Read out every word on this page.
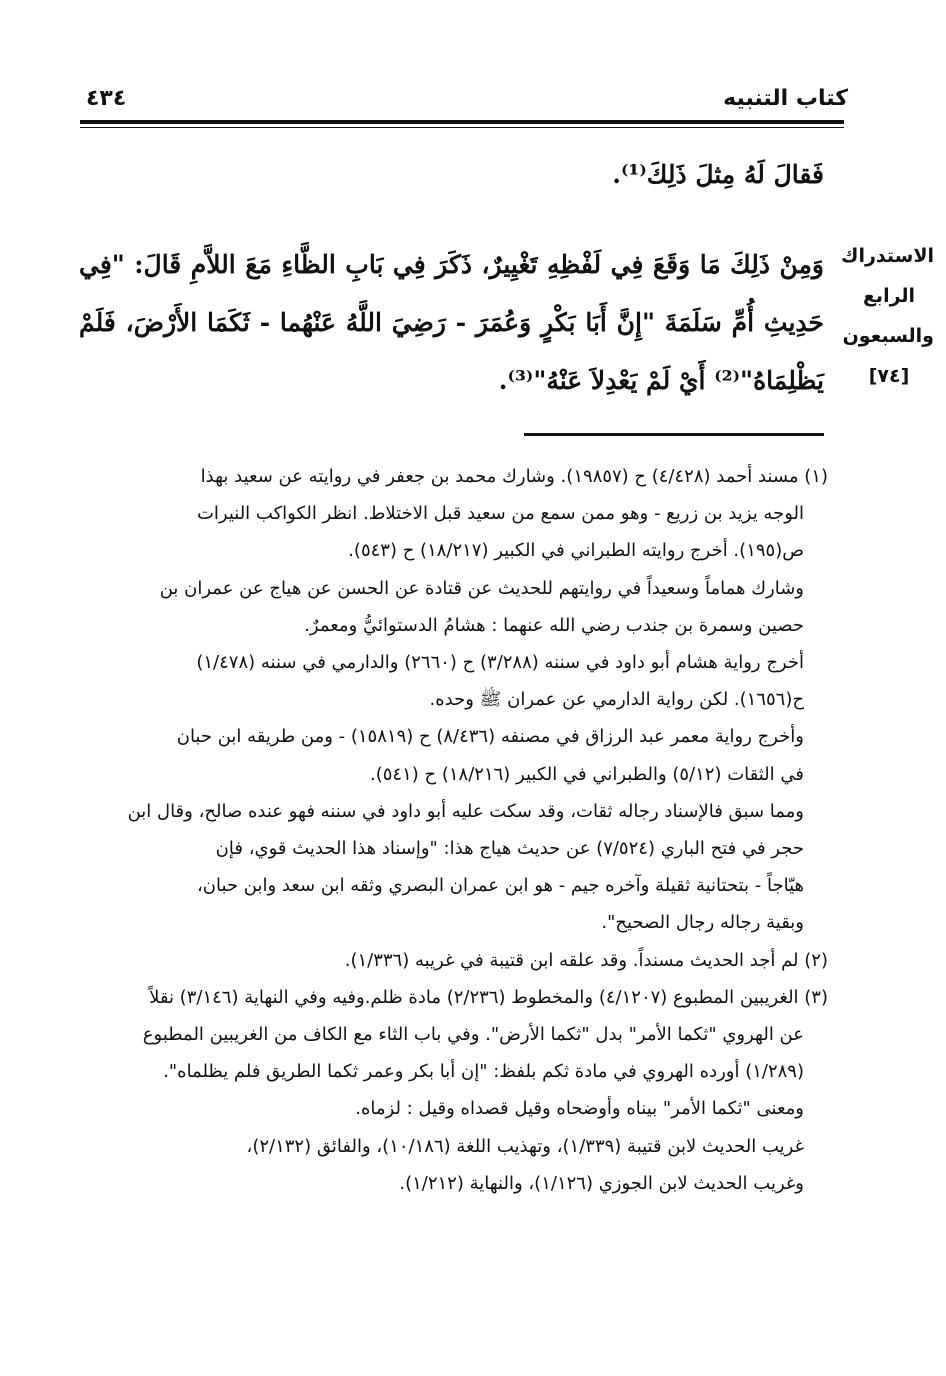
كتاب التنبيه
٤٣٤
الاستدراك
الرابع
والسبعون
[٧٤]
فَقالَ لَهُ مِثلَ ذَلِكَ⁽¹⁾.
وَمِنْ ذَلِكَ مَا وَقَعَ فِي لَفْظِهِ تَغْيِيرٌ، ذَكَرَ فِي بَابِ الظَّاءِ مَعَ اللاَّمِ قَالَ: "فِي حَدِيثِ أُمِّ سَلَمَةَ "إِنَّ أَبَا بَكْرٍ وَعُمَرَ - رَضِيَ اللَّهُ عَنْهُما - ثَكَمَا الأَرْضَ، فَلَمْ يَظْلِمَاهُ"⁽²⁾ أَيْ لَمْ يَعْدِلاَ عَنْهُ"⁽³⁾.

(١) مسند أحمد (٤/٤٢٨) ح (١٩٨٥٧). وشارك محمد بن جعفر في روايته عن سعيد بهذا

الوجه يزيد بن زريع - وهو ممن سمع من سعيد قبل الاختلاط. انظر الكواكب النيرات

ص(١٩٥). أخرج روايته الطبراني في الكبير (١٨/٢١٧) ح (٥٤٣).

وشارك هماماً وسعيداً في روايتهم للحديث عن قتادة عن الحسن عن هياج عن عمران بن

حصين وسمرة بن جندب رضي الله عنهما : هشامُ الدستوائيُّ ومعمرٌ.

أخرج رواية هشام أبو داود في سننه (٣/٢٨٨) ح (٢٦٦٠) والدارمي في سننه (١/٤٧٨)

ح(١٦٥٦). لكن رواية الدارمي عن عمران ﷺ وحده.

وأخرج رواية معمر عبد الرزاق في مصنفه (٨/٤٣٦) ح (١٥٨١٩) - ومن طريقه ابن حبان

في الثقات (٥/١٢) والطبراني في الكبير (١٨/٢١٦) ح (٥٤١).

ومما سبق فالإسناد رجاله ثقات، وقد سكت عليه أبو داود في سننه فهو عنده صالح، وقال ابن

حجر في فتح الباري (٧/٥٢٤) عن حديث هياج هذا: "وإسناد هذا الحديث قوي، فإن

هيّاجاً - بتحتانية ثقيلة وآخره جيم - هو ابن عمران البصري وثقه ابن سعد وابن حبان،

وبقية رجاله رجال الصحيح".

(٢) لم أجد الحديث مسنداً. وقد علقه ابن قتيبة في غريبه (١/٣٣٦).

(٣) الغريبين المطبوع (٤/١٢٠٧) والمخطوط (٢/٢٣٦) مادة ظلم.وفيه وفي النهاية (٣/١٤٦) نقلاً

عن الهروي "ثكما الأمر" بدل "ثكما الأرض". وفي باب الثاء مع الكاف من الغريبين المطبوع

(١/٢٨٩) أورده الهروي في مادة ثكم بلفظ: "إن أبا بكر وعمر ثكما الطريق فلم يظلماه".

ومعنى "ثكما الأمر" بيناه وأوضحاه وقيل قصداه وقيل : لزماه.

غريب الحديث لابن قتيبة (١/٣٣٩)، وتهذيب اللغة (١٠/١٨٦)، والفائق (٢/١٣٢)،

وغريب الحديث لابن الجوزي (١/١٢٦)، والنهاية (١/٢١٢).
